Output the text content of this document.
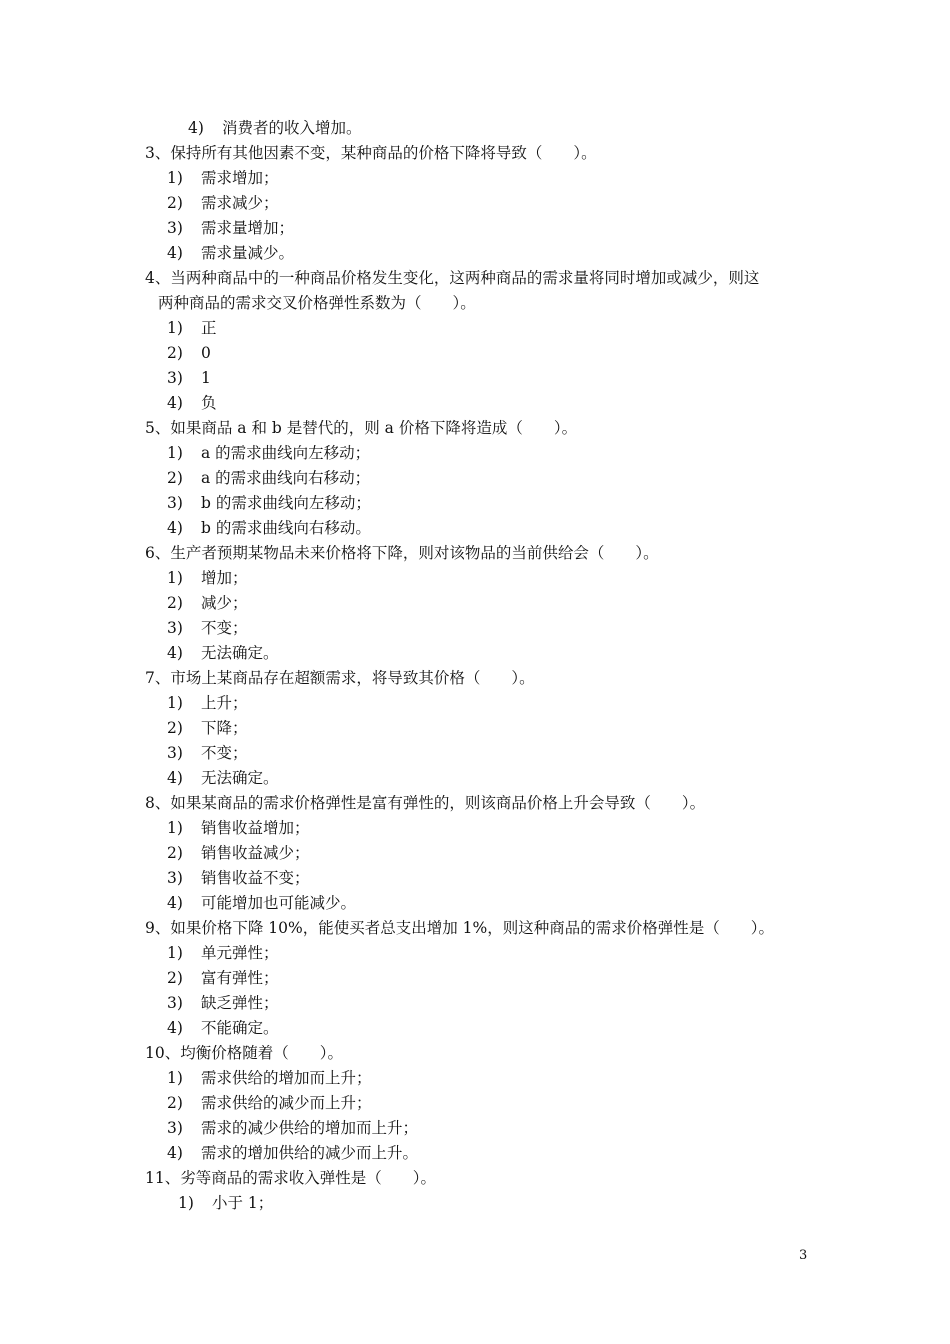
4) 消费者的收入增加。
3、保持所有其他因素不变，某种商品的价格下降将导致（　　）。
1) 需求增加；
2) 需求减少；
3) 需求量增加；
4) 需求量减少。
4、当两种商品中的一种商品价格发生变化，这两种商品的需求量将同时增加或减少，则这
两种商品的需求交叉价格弹性系数为（　　）。
1) 正
2) 0
3) 1
4) 负
5、如果商品 a 和 b 是替代的，则 a 价格下降将造成（　　）。
1) a 的需求曲线向左移动；
2) a 的需求曲线向右移动；
3) b 的需求曲线向左移动；
4) b 的需求曲线向右移动。
6、生产者预期某物品未来价格将下降，则对该物品的当前供给会（　　）。
1) 增加；
2) 减少；
3) 不变；
4) 无法确定。
7、市场上某商品存在超额需求，将导致其价格（　　）。
1) 上升；
2) 下降；
3) 不变；
4) 无法确定。
8、如果某商品的需求价格弹性是富有弹性的，则该商品价格上升会导致（　　）。
1) 销售收益增加；
2) 销售收益减少；
3) 销售收益不变；
4) 可能增加也可能减少。
9、如果价格下降 10%，能使买者总支出增加 1%，则这种商品的需求价格弹性是（　　）。
1) 单元弹性；
2) 富有弹性；
3) 缺乏弹性；
4) 不能确定。
10、均衡价格随着（　　）。
1) 需求供给的增加而上升；
2) 需求供给的减少而上升；
3) 需求的减少供给的增加而上升；
4) 需求的增加供给的减少而上升。
11、劣等商品的需求收入弹性是（　　）。
1) 小于 1；
3
